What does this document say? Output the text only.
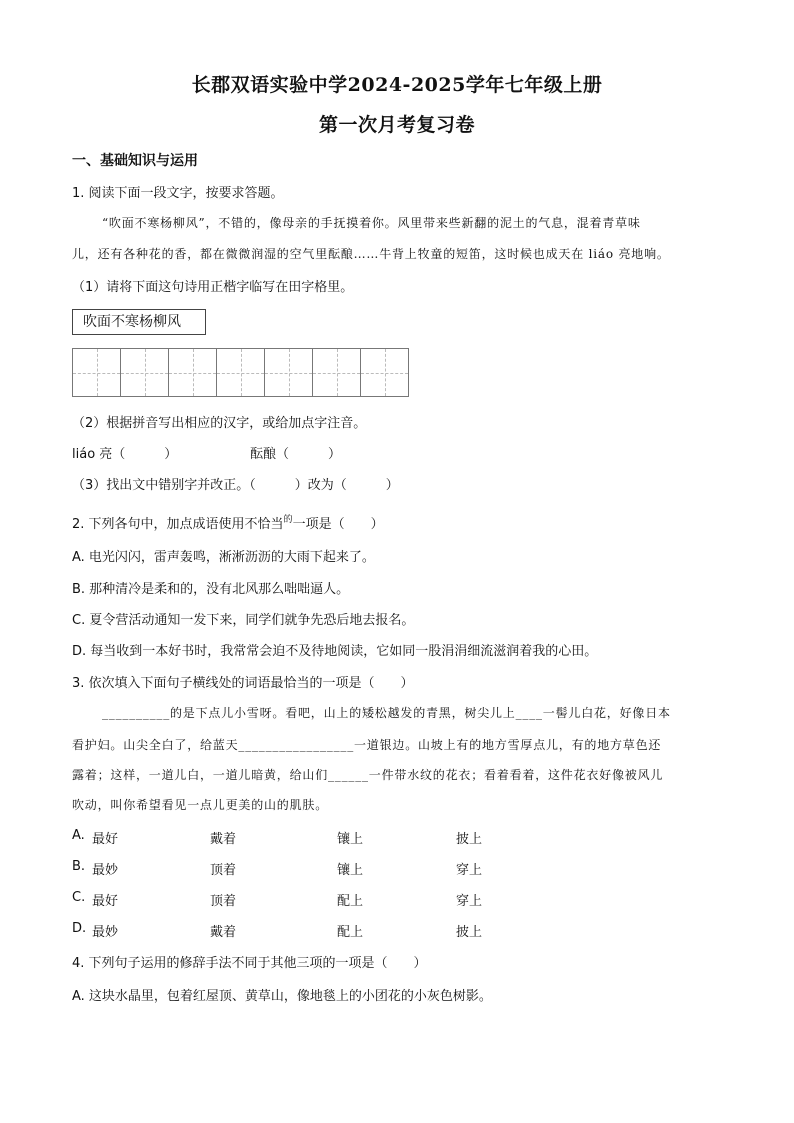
长郡双语实验中学2024-2025学年七年级上册
第一次月考复习卷
一、基础知识与运用
1. 阅读下面一段文字，按要求答题。
“吹面不寒杨柳风”，不错的，像母亲的手抚摸着你。风里带来些新翻的泥土的气息，混着青草味
儿，还有各种花的香，都在微微润湿的空气里酝酿……牛背上牧童的短笛，这时候也成天在 liáo 亮地响。
（1）请将下面这句诗用正楷字临写在田字格里。
吹面不寒杨柳风
（2）根据拼音写出相应的汉字，或给加点字注音。
liáo 亮（　　　）	酝酿（　　　）
（3）找出文中错别字并改正。（　　　）改为（　　　）
2. 下列各句中，加点成语使用不恰当$^的$一项是（　　）
A. 电光闪闪，雷声轰鸣，淅淅沥沥的大雨下起来了。
B. 那种清冷是柔和的，没有北风那么咄咄逼人。
C. 夏令营活动通知一发下来，同学们就争先恐后地去报名。
D. 每当收到一本好书时，我常常会迫不及待地阅读，它如同一股涓涓细流滋润着我的心田。
3. 依次填入下面句子横线处的词语最恰当的一项是（　　）
__________的是下点儿小雪呀。看吧，山上的矮松越发的青黑，树尖儿上____一髻儿白花，好像日本
看护妇。山尖全白了，给蓝天_________________一道银边。山坡上有的地方雪厚点儿，有的地方草色还
露着；这样，一道儿白，一道儿暗黄，给山们______一件带水纹的花衣；看着看着，这件花衣好像被风儿
吹动，叫你希望看见一点儿更美的山的肌肤。
A. 最好	戴着	镶上	披上
B. 最妙	顶着	镶上	穿上
C. 最好	顶着	配上	穿上
D. 最妙	戴着	配上	披上
4. 下列句子运用的修辞手法不同于其他三项的一项是（　　）
A. 这块水晶里，包着红屋顶、黄草山，像地毯上的小团花的小灰色树影。
